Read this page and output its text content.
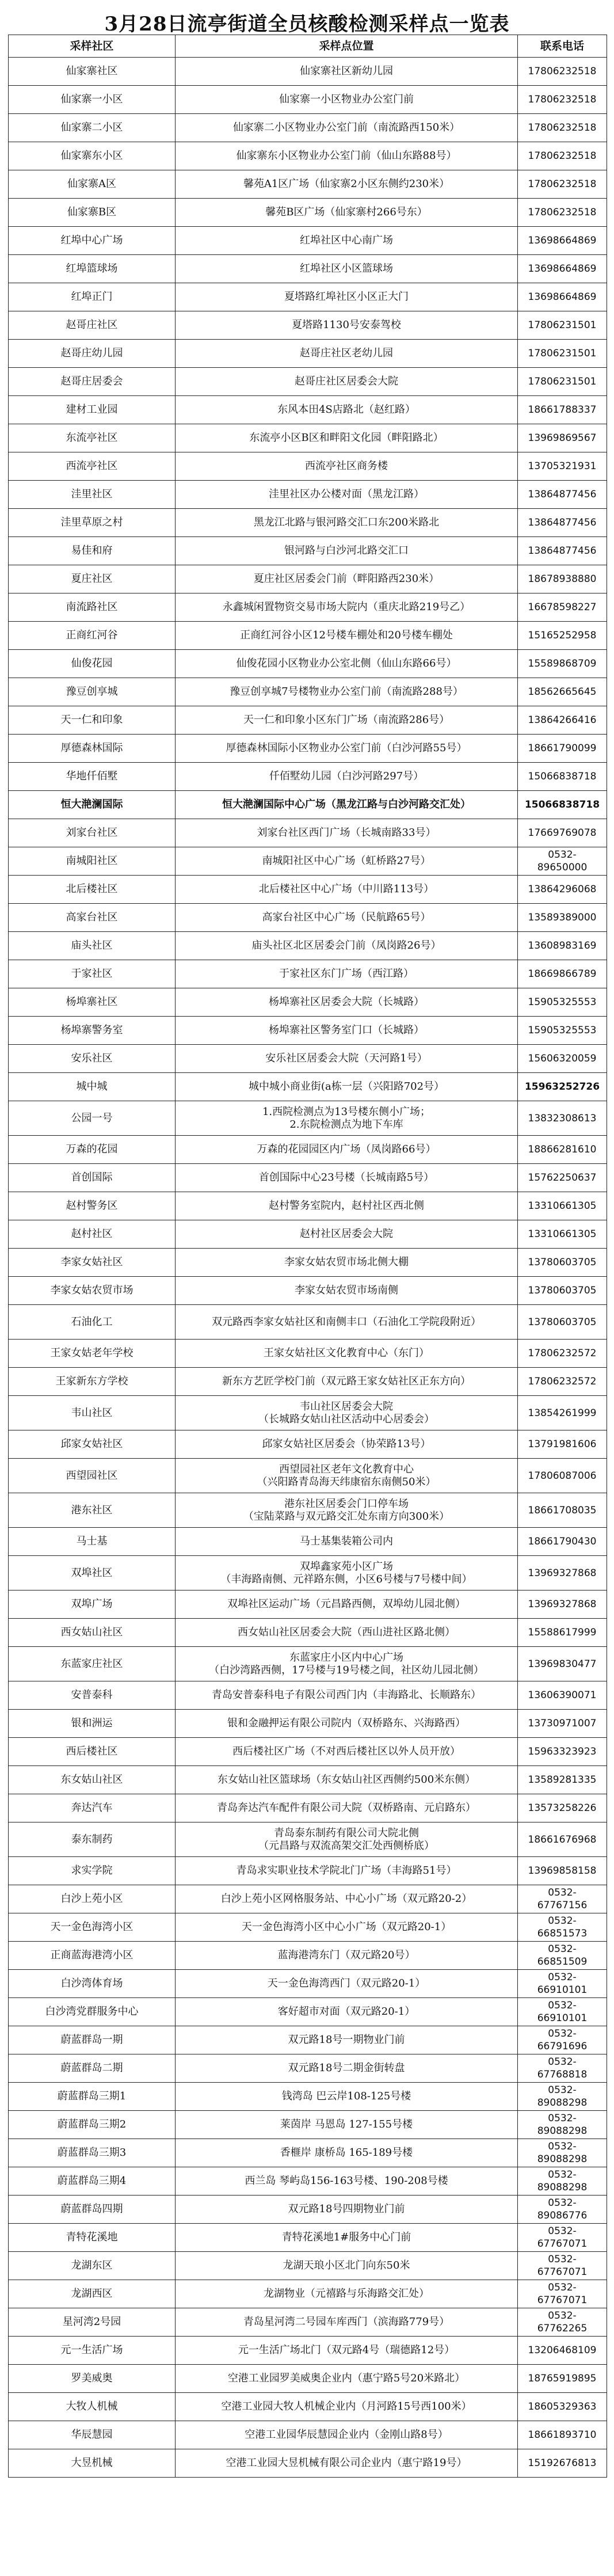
3月28日流亭街道全员核酸检测采样点一览表
采样社区	采样点位置	联系电话
仙家寨社区	仙家寨社区新幼儿园	17806232518
仙家寨一小区	仙家寨一小区物业办公室门前	17806232518
仙家寨二小区	仙家寨二小区物业办公室门前（南流路西150米）	17806232518
仙家寨东小区	仙家寨东小区物业办公室门前（仙山东路88号）	17806232518
仙家寨A区	馨苑A1区广场（仙家寨2小区东侧约230米）	17806232518
仙家寨B区	馨苑B区广场（仙家寨村266号东）	17806232518
红埠中心广场	红埠社区中心南广场	13698664869
红埠篮球场	红埠社区小区篮球场	13698664869
红埠正门	夏塔路红埠社区小区正大门	13698664869
赵哥庄社区	夏塔路1130号安泰驾校	17806231501
赵哥庄幼儿园	赵哥庄社区老幼儿园	17806231501
赵哥庄居委会	赵哥庄社区居委会大院	17806231501
建材工业园	东风本田4S店路北（赵红路）	18661788337
东流亭社区	东流亭小区B区和畔阳文化园（畔阳路北）	13969869567
西流亭社区	西流亭社区商务楼	13705321931
洼里社区	洼里社区办公楼对面（黑龙江路）	13864877456
洼里草原之村	黑龙江北路与银河路交汇口东200米路北	13864877456
易佳和府	银河路与白沙河北路交汇口	13864877456
夏庄社区	夏庄社区居委会门前（畔阳路西230米）	18678938880
南流路社区	永鑫城闲置物资交易市场大院内（重庆北路219号乙）	16678598227
正商红河谷	正商红河谷小区12号楼车棚处和20号楼车棚处	15165252958
仙俊花园	仙俊花园小区物业办公室北侧（仙山东路66号）	15589868709
豫豆创享城	豫豆创享城7号楼物业办公室门前（南流路288号）	18562665645
天一仁和印象	天一仁和印象小区东门广场（南流路286号）	13864266416
厚德森林国际	厚德森林国际小区物业办公室门前（白沙河路55号）	18661790099
华地仟佰墅	仟佰墅幼儿园（白沙河路297号）	15066838718
恒大滟澜国际	恒大滟澜国际中心广场（黑龙江路与白沙河路交汇处）	15066838718
刘家台社区	刘家台社区西门广场（长城南路33号）	17669769078
南城阳社区	南城阳社区中心广场（虹桥路27号）	0532-
89650000
北后楼社区	北后楼社区中心广场（中川路113号）	13864296068
高家台社区	高家台社区中心广场（民航路65号）	13589389000
庙头社区	庙头社区北区居委会门前（凤岗路26号）	13608983169
于家社区	于家社区东门广场（西江路）	18669866789
杨埠寨社区	杨埠寨社区居委会大院（长城路）	15905325553
杨埠寨警务室	杨埠寨社区警务室门口（长城路）	15905325553
安乐社区	安乐社区居委会大院（天河路1号）	15606320059
城中城	城中城小商业街(a栋一层（兴阳路702号）	15963252726
公园一号	1.西院检测点为13号楼东侧小广场；
2.东院检测点为地下车库	13832308613
万森的花园	万森的花园园区内广场（凤岗路66号）	18866281610
首创国际	首创国际中心23号楼（长城南路5号）	15762250637
赵村警务区	赵村警务室院内，赵村社区西北侧	13310661305
赵村社区	赵村社区居委会大院	13310661305
李家女姑社区	李家女姑农贸市场北侧大棚	13780603705
李家女姑农贸市场	李家女姑农贸市场南侧	13780603705
石油化工	双元路西李家女姑社区和南侧丰口（石油化工学院段附近）	13780603705
王家女姑老年学校	王家女姑社区文化教育中心（东门）	17806232572
王家新东方学校	新东方艺匠学校门前（双元路王家女姑社区正东方向）	17806232572
韦山社区	韦山社区居委会大院
（长城路女姑山社区活动中心居委会）	13854261999
邱家女姑社区	邱家女姑社区居委会（协荣路13号）	13791981606
西望园社区	西望园社区老年文化教育中心
（兴阳路青岛海天纬康宿东南侧50米）	17806087006
港东社区	港东社区居委会门口停车场
（宝陆菜路与双元路交汇处东南方向300米）	18661708035
马士基	马士基集装箱公司内	18661790430
双埠社区	双埠鑫家苑小区广场
（丰海路南侧、元祥路东侧，小区6号楼与7号楼中间）	13969327868
双埠广场	双埠社区运动广场（元昌路西侧，双埠幼儿园北侧）	13969327868
西女姑山社区	西女姑山社区居委会大院（西山进社区路北侧）	15588617999
东蓝家庄社区	东蓝家庄小区内中心广场
（白沙湾路西侧，17号楼与19号楼之间，社区幼儿园北侧）	13969830477
安普泰科	青岛安普泰科电子有限公司西门内（丰海路北、长顺路东）	13606390071
银和洲运	银和金融押运有限公司院内（双桥路东、兴海路西）	13730971007
西后楼社区	西后楼社区广场（不对西后楼社区以外人员开放）	15963323923
东女姑山社区	东女姑山社区篮球场（东女姑山社区西侧约500米东侧）	13589281335
奔达汽车	青岛奔达汽车配件有限公司大院（双桥路南、元启路东）	13573258226
泰东制药	青岛泰东制药有限公司大院北侧
（元昌路与双流高架交汇处西侧桥底）	18661676968
求实学院	青岛求实职业技术学院北门广场（丰海路51号）	13969858158
白沙上苑小区	白沙上苑小区网格服务站、中心小广场（双元路20-2）	0532-
67767156
天一金色海湾小区	天一金色海湾小区中心小广场（双元路20-1）	0532-
66851573
正商蓝海港湾小区	蓝海港湾东门（双元路20号）	0532-
66851509
白沙湾体育场	天一金色海湾西门（双元路20-1）	0532-
66910101
白沙湾党群服务中心	客好超市对面（双元路20-1）	0532-
66910101
蔚蓝群岛一期	双元路18号一期物业门前	0532-
66791696
蔚蓝群岛二期	双元路18号二期金街转盘	0532-
67768818
蔚蓝群岛三期1	钱湾岛 巴云岸108-125号楼	0532-
89088298
蔚蓝群岛三期2	莱茵岸 马恩岛 127-155号楼	0532-
89088298
蔚蓝群岛三期3	香榧岸 康桥岛 165-189号楼	0532-
89088298
蔚蓝群岛三期4	西兰岛 琴屿岛156-163号楼、190-208号楼	0532-
89088298
蔚蓝群岛四期	双元路18号四期物业门前	0532-
89086776
青特花溪地	青特花溪地1#服务中心门前	0532-
67767071
龙湖东区	龙湖天琅小区北门向东50米	0532-
67767071
龙湖西区	龙湖物业（元禧路与乐海路交汇处）	0532-
67767071
星河湾2号园	青岛星河湾二号园车库西门（滨海路779号）	0532-
67762265
元一生活广场	元一生活广场北门（双元路4号（瑞德路12号）	13206468109
罗美威奥	空港工业园罗美威奥企业内（惠宁路5号20米路北）	18765919895
大牧人机械	空港工业园大牧人机械企业内（月河路15号西100米）	18605329363
华辰慧园	空港工业园华辰慧园企业内（金刚山路8号）	18661893710
大昱机械	空港工业园大昱机械有限公司企业内（惠宁路19号）	15192676813
